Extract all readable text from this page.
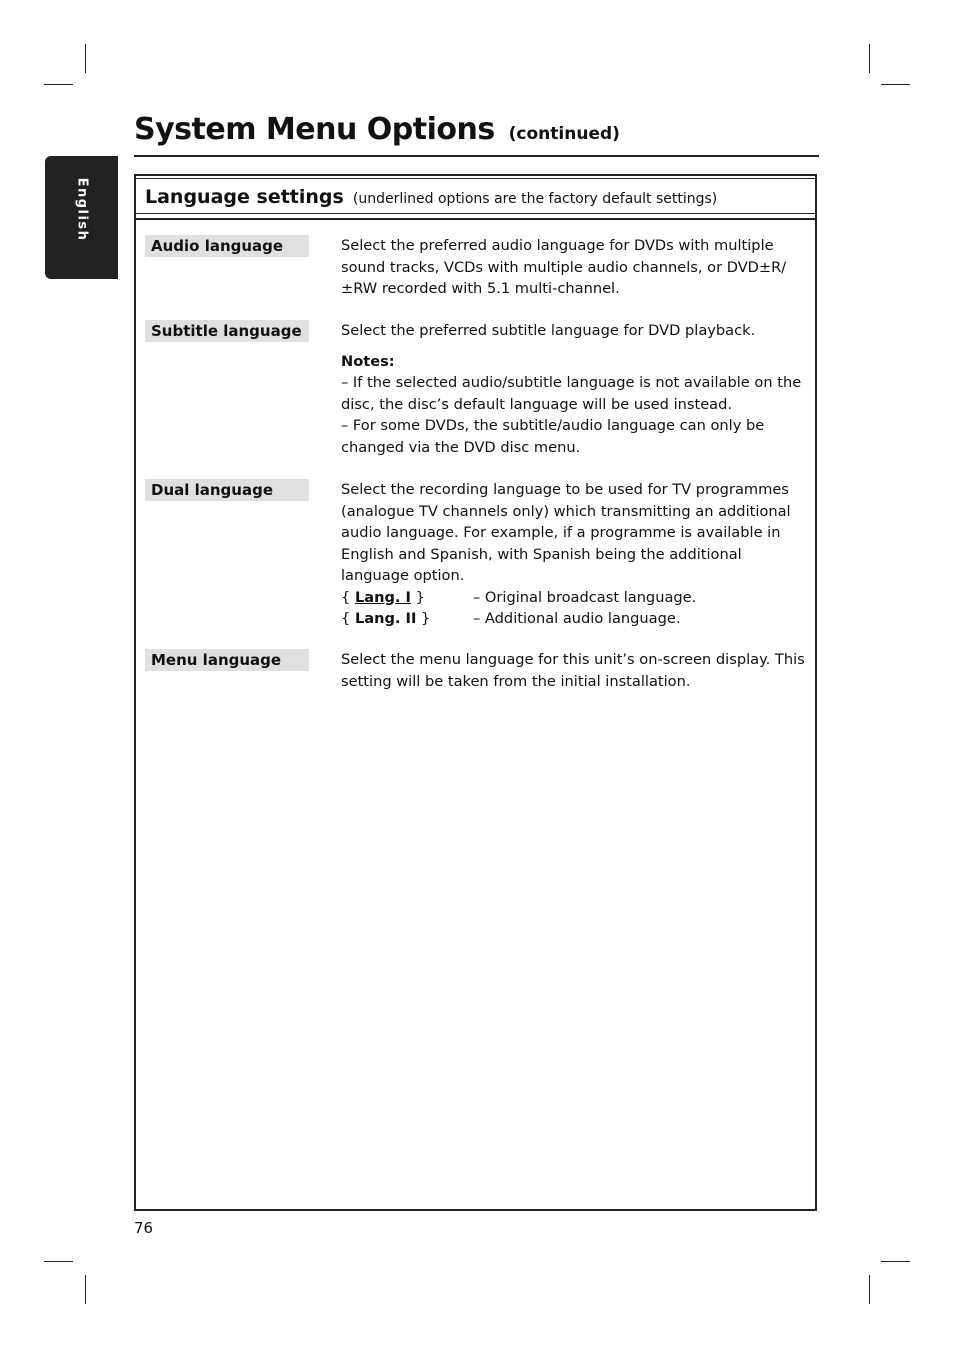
System Menu Options (continued)
English	Language settings (underlined options are the factory default settings)
Audio language	Select the preferred audio language for DVDs with multiple sound tracks, VCDs with multiple audio channels, or DVD±R/±RW recorded with 5.1 multi-channel.

Subtitle language	Select the preferred subtitle language for DVD playback.

Notes:

– If the selected audio/subtitle language is not available on the disc, the disc’s default language will be used instead.

– For some DVDs, the subtitle/audio language can only be changed via the DVD disc menu.

Dual language	Select the recording language to be used for TV programmes (analogue TV channels only) which transmitting an additional audio language. For example, if a programme is available in English and Spanish, with Spanish being the additional language option.

{ Lang. I }	– Original broadcast language.
{ Lang. II }	– Additional audio language.
Menu language	Select the menu language for this unit’s on-screen display. This setting will be taken from the initial installation.

76
